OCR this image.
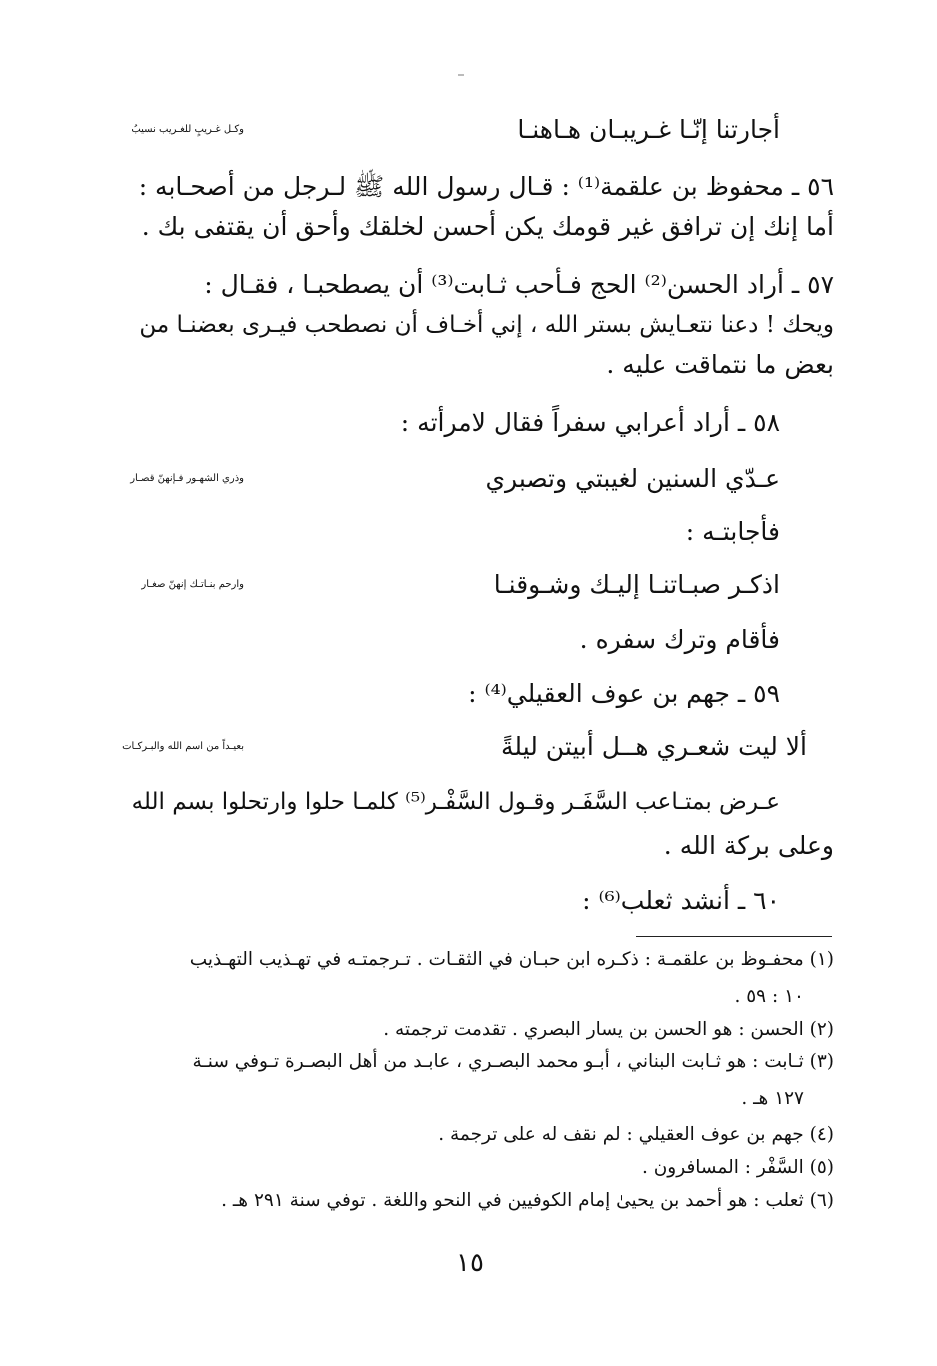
أجارتنا إنّـا غـريبـان هـاهنـا
وكـل غـريبٍ للغـريب نسيبُ
٥٦ ـ محفوظ بن علقمة⁽¹⁾ : قـال رسول الله ﷺ لـرجل من أصحـابه :
أما إنك إن ترافق غير قومك يكن أحسن لخلقك وأحق أن يقتفى بك .
٥٧ ـ أراد الحسن⁽²⁾ الحج فـأحب ثـابت⁽³⁾ أن يصطحبـا ، فقـال :
ويحك ! دعنا نتعـايش بستر الله ، إني أخـاف أن نصطحب فيـرى بعضنـا من
بعض ما نتماقت عليه .
٥٨ ـ أراد أعرابي سفراً فقال لامرأته :
عـدّي السنين لغيبتي وتصبري
وذري الشهـور فـإنهنّ قصـار
فأجابتـه :
اذكـر صبـاتنـا إليـك وشـوقنـا
وارحم بنـاتـك إنهنّ صغـار
فأقام وترك سفره .
٥٩ ـ جهم بن عوف العقيلي⁽⁴⁾ :
ألا ليت شعـري هــل أبيتن ليلةً
بعيـداً من اسم الله والبـركـات
عـرض بمتـاعب السَّفَـر وقـول السَّفْـر⁽⁵⁾ كلمـا حلوا وارتحلوا بسم الله
وعلى بركة الله .
٦٠ ـ أنشد ثعلب⁽⁶⁾ :
(١) محفـوظ بن علقمـة : ذكـره ابن حبـان في الثقـات . تـرجمتـه في تهـذيب التهـذيب
١٠ : ٥٩ .
(٢) الحسن : هو الحسن بن يسار البصري . تقدمت ترجمته .
(٣) ثـابت : هو ثـابت البناني ، أبـو محمد البصـري ، عابـد من أهل البصـرة تـوفي سنـة
١٢٧ هـ .
(٤) جهم بن عوف العقيلي : لم نقف له على ترجمة .
(٥) السَّفْر : المسافرون .
(٦) ثعلب : هو أحمد بن يحيىٰ إمام الكوفيين في النحو واللغة . توفي سنة ٢٩١ هـ .
١٥
